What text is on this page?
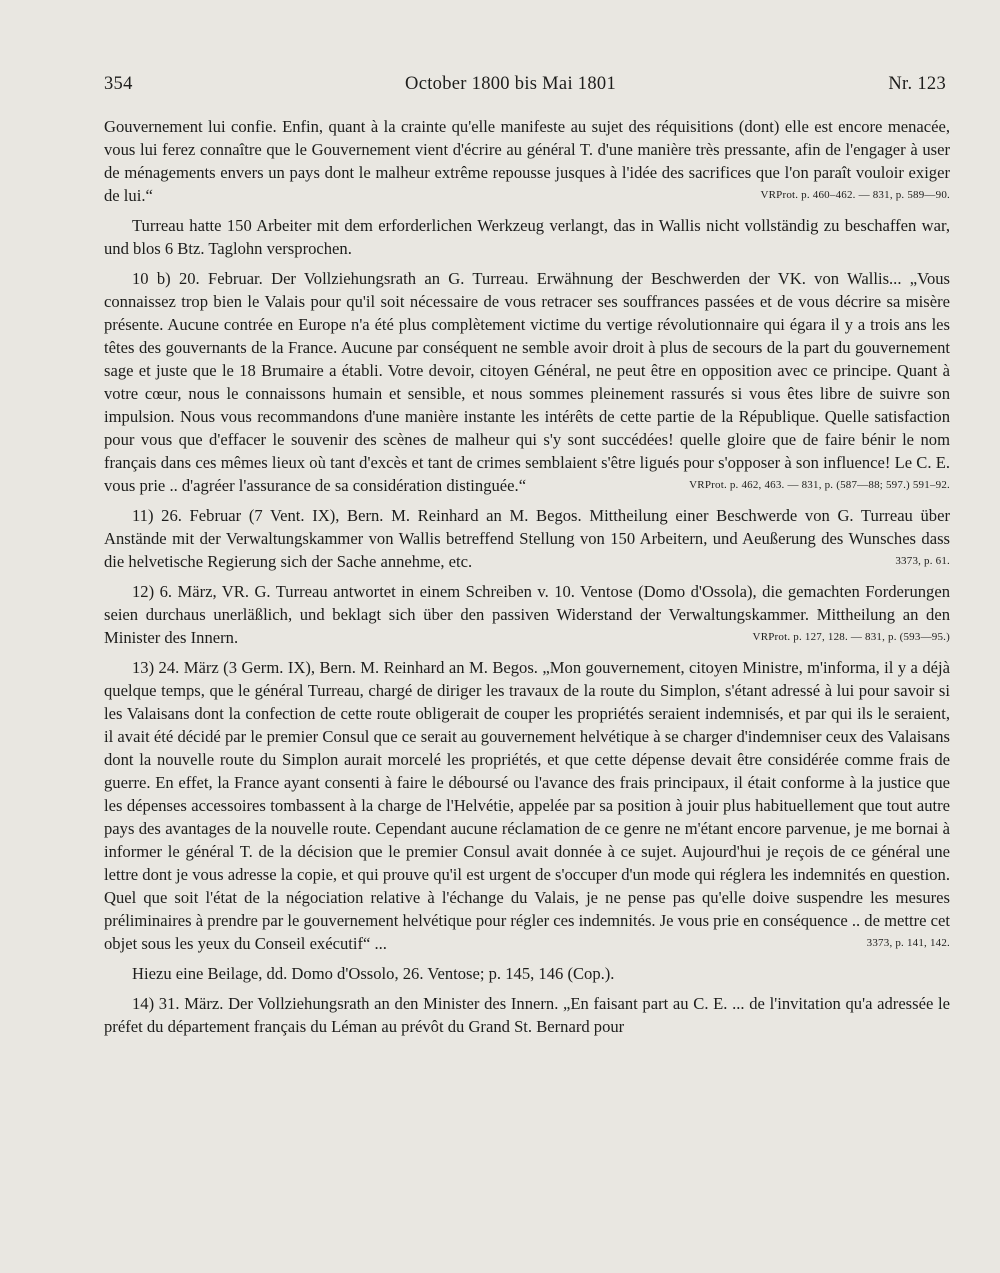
354	October 1800 bis Mai 1801	Nr. 123

Gouvernement lui confie. Enfin, quant à la crainte qu'elle manifeste au sujet des réquisitions (dont) elle est encore menacée, vous lui ferez connaître que le Gouvernement vient d'écrire au général T. d'une manière très pressante, afin de l'engager à user de ménagements envers un pays dont le malheur extrême repousse jusques à l'idée des sacrifices que l'on paraît vouloir exiger de lui.“	VRProt. p. 460–462. — 831, p. 589—90.

Turreau hatte 150 Arbeiter mit dem erforderlichen Werkzeug verlangt, das in Wallis nicht vollständig zu beschaffen war, und blos 6 Btz. Taglohn versprochen.

10 b) 20. Februar. Der Vollziehungsrath an G. Turreau. Erwähnung der Beschwerden der VK. von Wallis... „Vous connaissez trop bien le Valais pour qu'il soit nécessaire de vous retracer ses souffrances passées et de vous décrire sa misère présente. Aucune contrée en Europe n'a été plus complètement victime du vertige révolutionnaire qui égara il y a trois ans les têtes des gouvernants de la France. Aucune par conséquent ne semble avoir droit à plus de secours de la part du gouvernement sage et juste que le 18 Brumaire a établi. Votre devoir, citoyen Général, ne peut être en opposition avec ce principe. Quant à votre cœur, nous le connaissons humain et sensible, et nous sommes pleinement rassurés si vous êtes libre de suivre son impulsion. Nous vous recommandons d'une manière instante les intérêts de cette partie de la République. Quelle satisfaction pour vous que d'effacer le souvenir des scènes de malheur qui s'y sont succédées! quelle gloire que de faire bénir le nom français dans ces mêmes lieux où tant d'excès et tant de crimes semblaient s'être ligués pour s'opposer à son influence! Le C. E. vous prie .. d'agréer l'assurance de sa considération distinguée.“	VRProt. p. 462, 463. — 831, p. (587—88; 597.) 591–92.

11) 26. Februar (7 Vent. IX), Bern. M. Reinhard an M. Begos. Mittheilung einer Beschwerde von G. Turreau über Anstände mit der Verwaltungskammer von Wallis betreffend Stellung von 150 Arbeitern, und Aeußerung des Wunsches dass die helvetische Regierung sich der Sache annehme, etc.	3373, p. 61.

12) 6. März, VR. G. Turreau antwortet in einem Schreiben v. 10. Ventose (Domo d'Ossola), die gemachten Forderungen seien durchaus unerläßlich, und beklagt sich über den passiven Widerstand der Verwaltungskammer. Mittheilung an den Minister des Innern.	VRProt. p. 127, 128. — 831, p. (593—95.)

13) 24. März (3 Germ. IX), Bern. M. Reinhard an M. Begos. „Mon gouvernement, citoyen Ministre, m'informa, il y a déjà quelque temps, que le général Turreau, chargé de diriger les travaux de la route du Simplon, s'étant adressé à lui pour savoir si les Valaisans dont la confection de cette route obligerait de couper les propriétés seraient indemnisés, et par qui ils le seraient, il avait été décidé par le premier Consul que ce serait au gouvernement helvétique à se charger d'indemniser ceux des Valaisans dont la nouvelle route du Simplon aurait morcelé les propriétés, et que cette dépense devait être considérée comme frais de guerre. En effet, la France ayant consenti à faire le déboursé ou l'avance des frais principaux, il était conforme à la justice que les dépenses accessoires tombassent à la charge de l'Helvétie, appelée par sa position à jouir plus habituellement que tout autre pays des avantages de la nouvelle route. Cependant aucune réclamation de ce genre ne m'étant encore parvenue, je me bornai à informer le général T. de la décision que le premier Consul avait donnée à ce sujet. Aujourd'hui je reçois de ce général une lettre dont je vous adresse la copie, et qui prouve qu'il est urgent de s'occuper d'un mode qui réglera les indemnités en question. Quel que soit l'état de la négociation relative à l'échange du Valais, je ne pense pas qu'elle doive suspendre les mesures préliminaires à prendre par le gouvernement helvétique pour régler ces indemnités. Je vous prie en conséquence .. de mettre cet objet sous les yeux du Conseil exécutif“ ...	3373, p. 141, 142.

Hiezu eine Beilage, dd. Domo d'Ossolo, 26. Ventose; p. 145, 146 (Cop.).

14) 31. März. Der Vollziehungsrath an den Minister des Innern. „En faisant part au C. E. ... de l'invitation qu'a adressée le préfet du département français du Léman au prévôt du Grand St. Bernard pour
